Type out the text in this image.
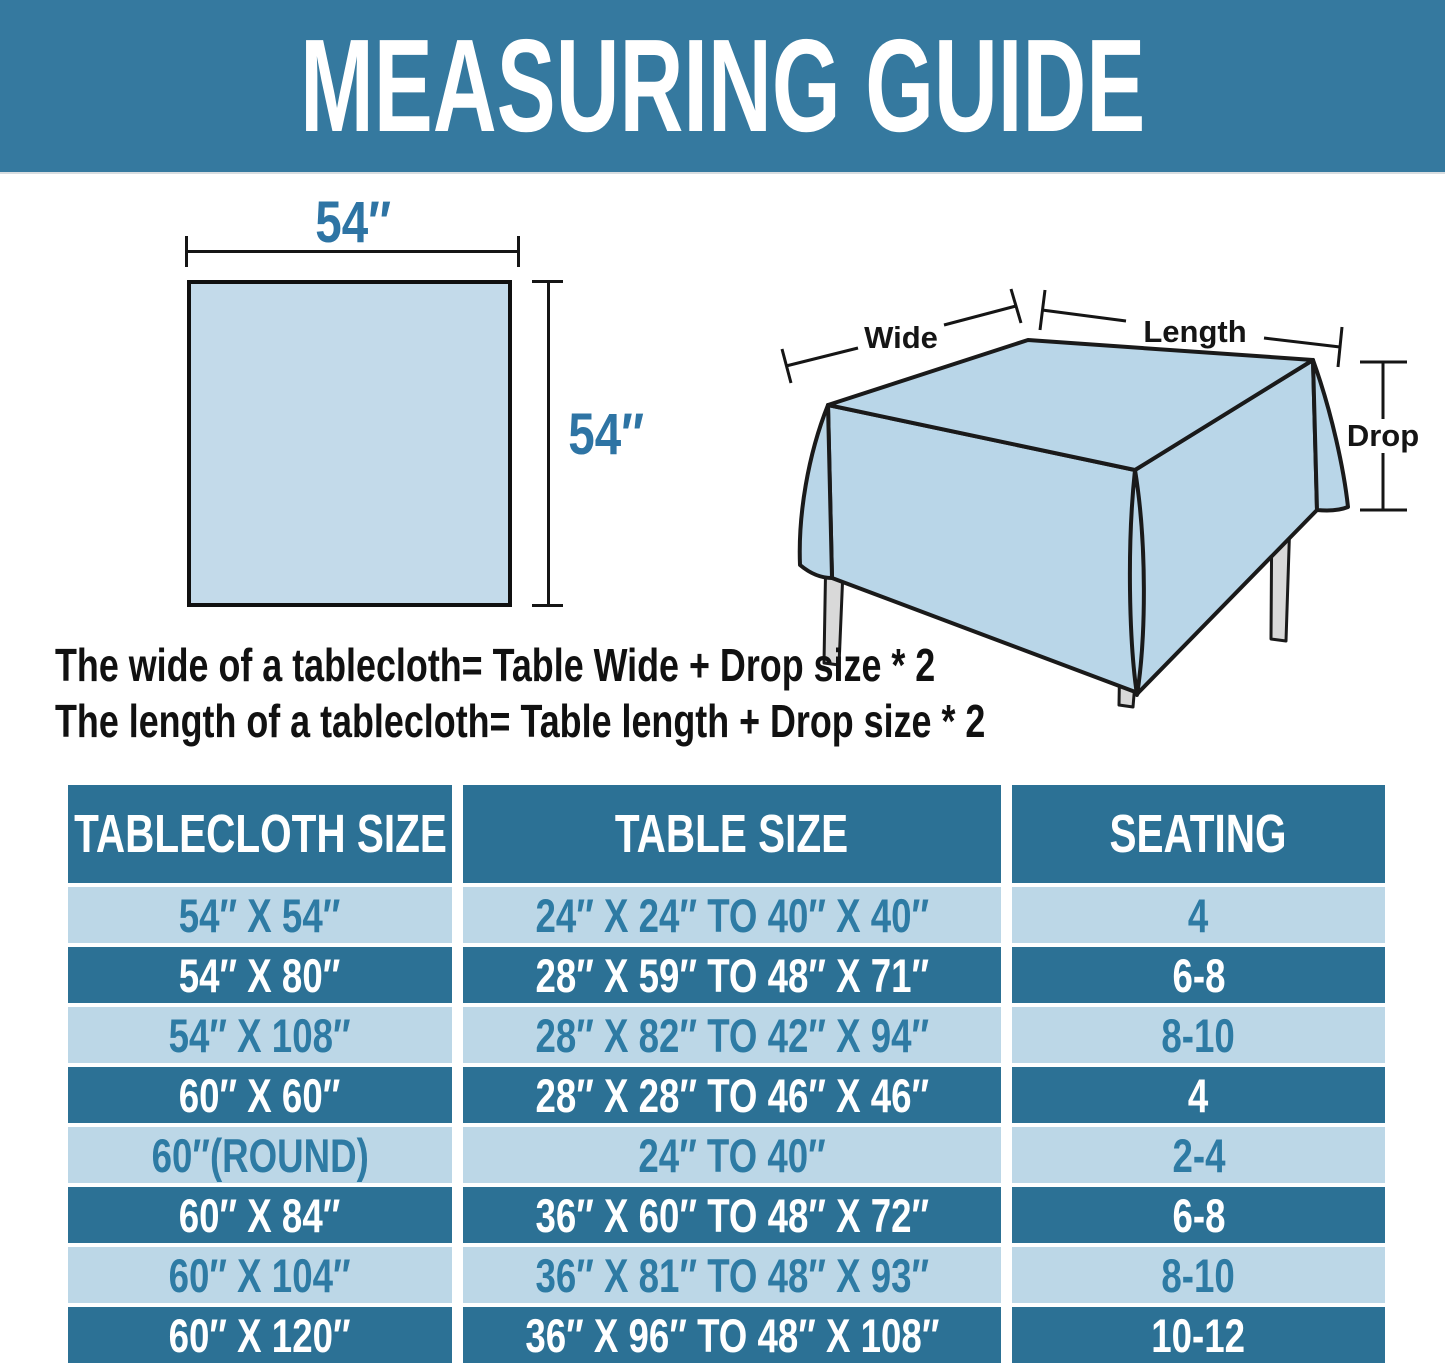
MEASURING GUIDE
54″
54″
Wide	Length
Drop
The wide of a tablecloth= Table Wide + Drop size * 2
The length of a tablecloth= Table length + Drop size * 2
TABLECLOTH SIZE	TABLE SIZE	SEATING
54″ X 54″	24″ X 24″ TO 40″ X 40″	4
54″ X 80″	28″ X 59″ TO 48″ X 71″	6-8
54″ X 108″	28″ X 82″ TO 42″ X 94″	8-10
60″ X 60″	28″ X 28″ TO 46″ X 46″	4
60″(ROUND)	24″ TO 40″	2-4
60″ X 84″	36″ X 60″ TO 48″ X 72″	6-8
60″ X 104″	36″ X 81″ TO 48″ X 93″	8-10
60″ X 120″	36″ X 96″ TO 48″ X 108″	10-12
